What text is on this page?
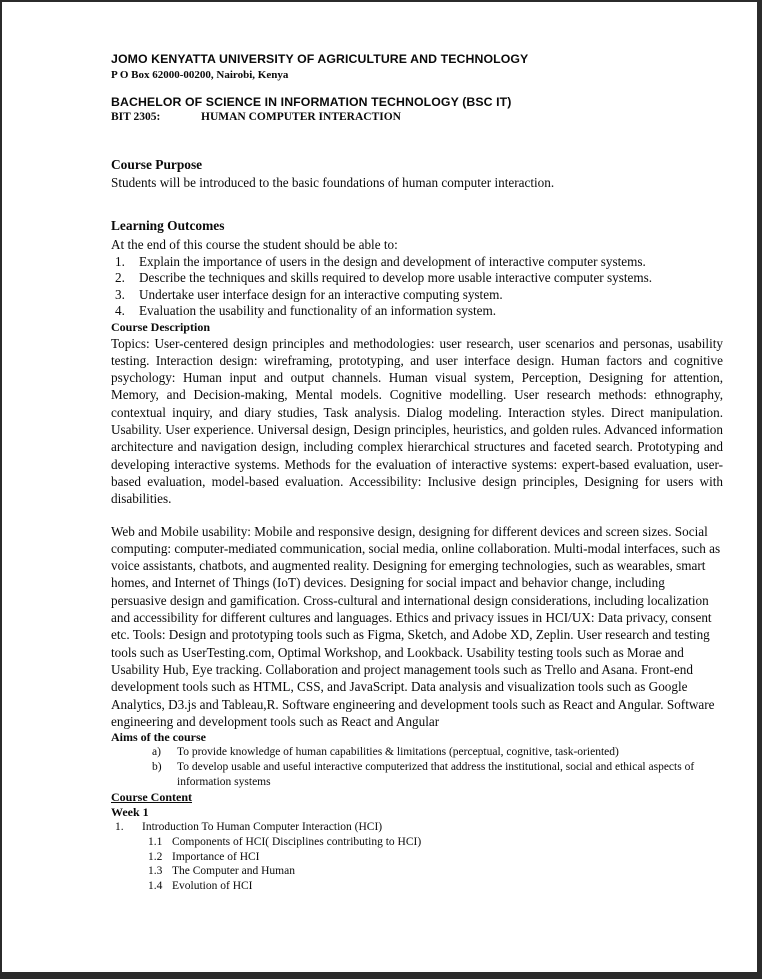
JOMO KENYATTA UNIVERSITY OF AGRICULTURE AND TECHNOLOGY
P O Box 62000-00200, Nairobi, Kenya
BACHELOR OF SCIENCE IN INFORMATION TECHNOLOGY (BSC IT)
BIT 2305:	HUMAN COMPUTER INTERACTION
Course Purpose
Students will be introduced to the basic foundations of human computer interaction.
Learning Outcomes
At the end of this course the student should be able to:
1. Explain the importance of users in the design and development of interactive computer systems.
2. Describe the techniques and skills required to develop more usable interactive computer systems.
3. Undertake user interface design for an interactive computing system.
4. Evaluation the usability and functionality of an information system.
Course Description
Topics: User-centered design principles and methodologies: user research, user scenarios and personas, usability testing. Interaction design: wireframing, prototyping, and user interface design. Human factors and cognitive psychology: Human input and output channels. Human visual system, Perception, Designing for attention, Memory, and Decision-making, Mental models. Cognitive modelling. User research methods: ethnography, contextual inquiry, and diary studies, Task analysis. Dialog modeling. Interaction styles. Direct manipulation. Usability. User experience. Universal design, Design principles, heuristics, and golden rules. Advanced information architecture and navigation design, including complex hierarchical structures and faceted search. Prototyping and developing interactive systems. Methods for the evaluation of interactive systems: expert-based evaluation, user-based evaluation, model-based evaluation. Accessibility: Inclusive design principles, Designing for users with disabilities.
Web and Mobile usability: Mobile and responsive design, designing for different devices and screen sizes. Social computing: computer-mediated communication, social media, online collaboration. Multi-modal interfaces, such as voice assistants, chatbots, and augmented reality. Designing for emerging technologies, such as wearables, smart homes, and Internet of Things (IoT) devices. Designing for social impact and behavior change, including persuasive design and gamification. Cross-cultural and international design considerations, including localization and accessibility for different cultures and languages. Ethics and privacy issues in HCI/UX: Data privacy, consent etc. Tools: Design and prototyping tools such as Figma, Sketch, and Adobe XD, Zeplin. User research and testing tools such as UserTesting.com, Optimal Workshop, and Lookback. Usability testing tools such as Morae and Usability Hub, Eye tracking. Collaboration and project management tools such as Trello and Asana. Front-end development tools such as HTML, CSS, and JavaScript. Data analysis and visualization tools such as Google Analytics, D3.js and Tableau,R. Software engineering and development tools such as React and Angular. Software engineering and development tools such as React and Angular
Aims of the course
a) To provide knowledge of human capabilities & limitations (perceptual, cognitive, task-oriented)
b) To develop usable and useful interactive computerized that address the institutional, social and ethical aspects of information systems
Course Content
Week 1
1. Introduction To Human Computer Interaction (HCI)
1.1 Components of HCI( Disciplines contributing to HCI)
1.2 Importance of HCI
1.3 The Computer and Human
1.4 Evolution of HCI
